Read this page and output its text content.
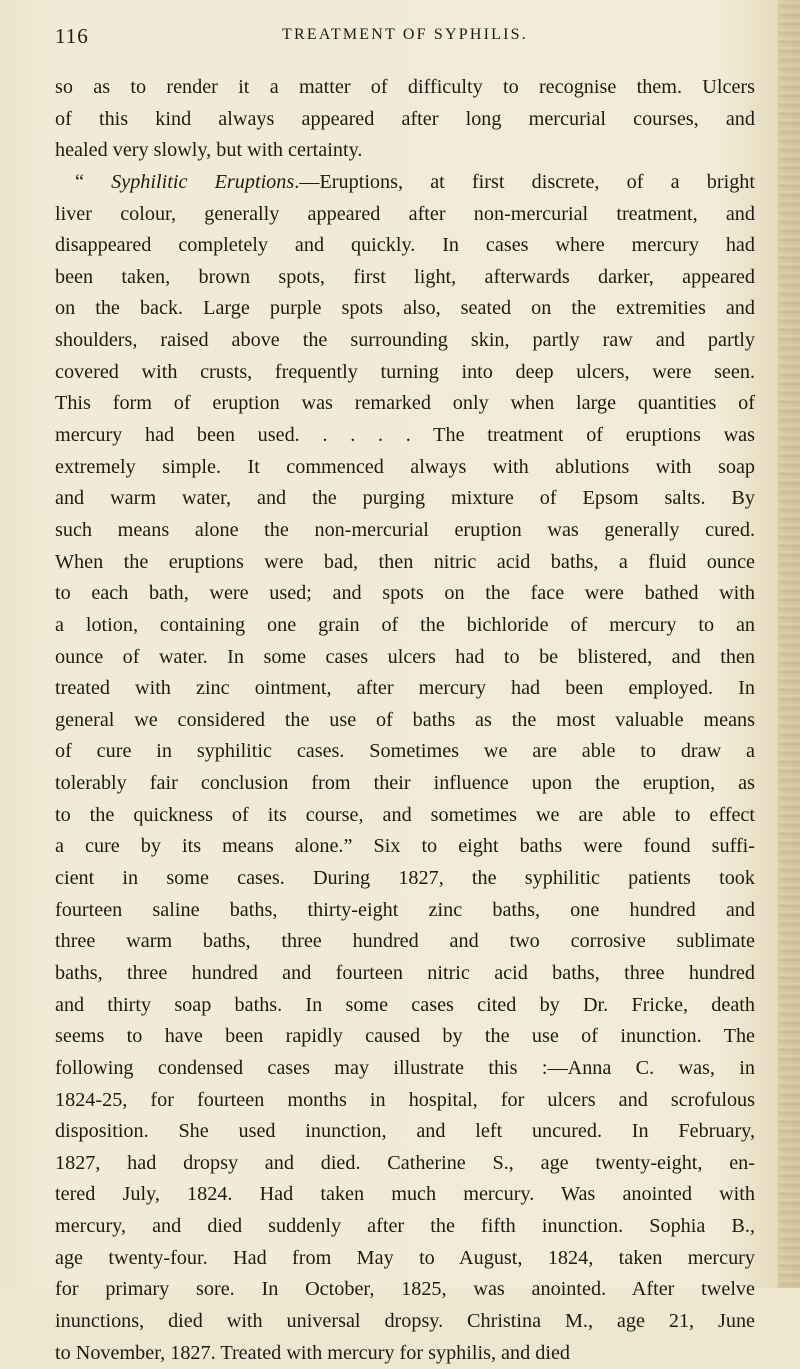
116	TREATMENT OF SYPHILIS.
so as to render it a matter of difficulty to recognise them. Ulcers
of this kind always appeared after long mercurial courses, and
healed very slowly, but with certainty.
“ Syphilitic Eruptions.—Eruptions, at first discrete, of a bright
liver colour, generally appeared after non-mercurial treatment, and
disappeared completely and quickly. In cases where mercury had
been taken, brown spots, first light, afterwards darker, appeared
on the back. Large purple spots also, seated on the extremities and
shoulders, raised above the surrounding skin, partly raw and partly
covered with crusts, frequently turning into deep ulcers, were seen.
This form of eruption was remarked only when large quantities of
mercury had been used. . . . . The treatment of eruptions was
extremely simple. It commenced always with ablutions with soap
and warm water, and the purging mixture of Epsom salts. By
such means alone the non-mercurial eruption was generally cured.
When the eruptions were bad, then nitric acid baths, a fluid ounce
to each bath, were used; and spots on the face were bathed with
a lotion, containing one grain of the bichloride of mercury to an
ounce of water. In some cases ulcers had to be blistered, and then
treated with zinc ointment, after mercury had been employed. In
general we considered the use of baths as the most valuable means
of cure in syphilitic cases. Sometimes we are able to draw a
tolerably fair conclusion from their influence upon the eruption, as
to the quickness of its course, and sometimes we are able to effect
a cure by its means alone.” Six to eight baths were found suffi-
cient in some cases. During 1827, the syphilitic patients took
fourteen saline baths, thirty-eight zinc baths, one hundred and
three warm baths, three hundred and two corrosive sublimate
baths, three hundred and fourteen nitric acid baths, three hundred
and thirty soap baths. In some cases cited by Dr. Fricke, death
seems to have been rapidly caused by the use of inunction. The
following condensed cases may illustrate this :—Anna C. was, in
1824-25, for fourteen months in hospital, for ulcers and scrofulous
disposition. She used inunction, and left uncured. In February,
1827, had dropsy and died. Catherine S., age twenty-eight, en-
tered July, 1824. Had taken much mercury. Was anointed with
mercury, and died suddenly after the fifth inunction. Sophia B.,
age twenty-four. Had from May to August, 1824, taken mercury
for primary sore. In October, 1825, was anointed. After twelve
inunctions, died with universal dropsy. Christina M., age 21, June
to November, 1827. Treated with mercury for syphilis, and died
